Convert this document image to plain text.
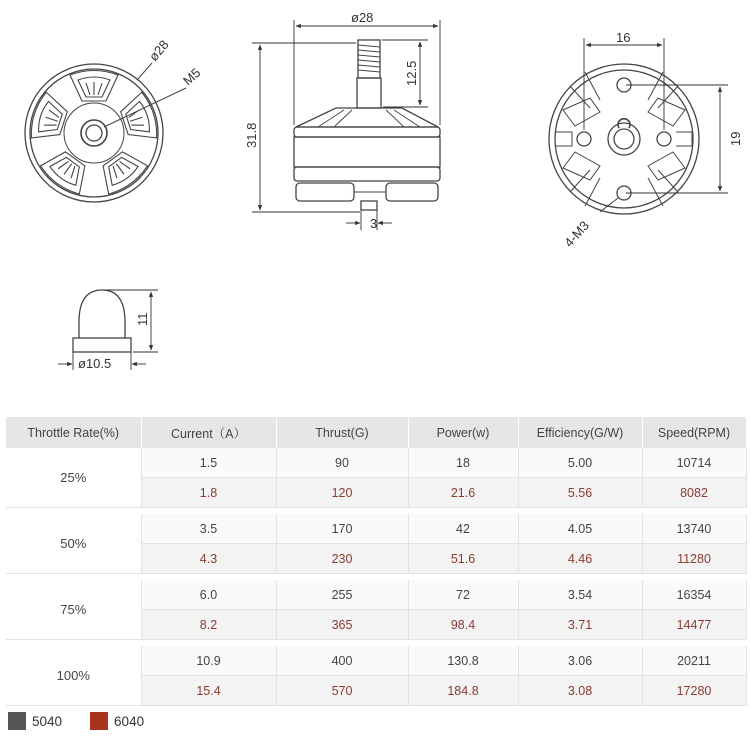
ø28
M5
ø28
31.8
12.5
3
16
19
4-M3
11
ø10.5
Throttle Rate(%)	Current（A）	Thrust(G)	Power(w)	Efficiency(G/W)	Speed(RPM)
25%	1.5	90	18	5.00	10714
	1.8	120	21.6	5.56	8082

50%	3.5	170	42	4.05	13740
	4.3	230	51.6	4.46	11280

75%	6.0	255	72	3.54	16354
	8.2	365	98.4	3.71	14477

100%	10.9	400	130.8	3.06	20211
	15.4	570	184.8	3.08	17280
5040	6040
